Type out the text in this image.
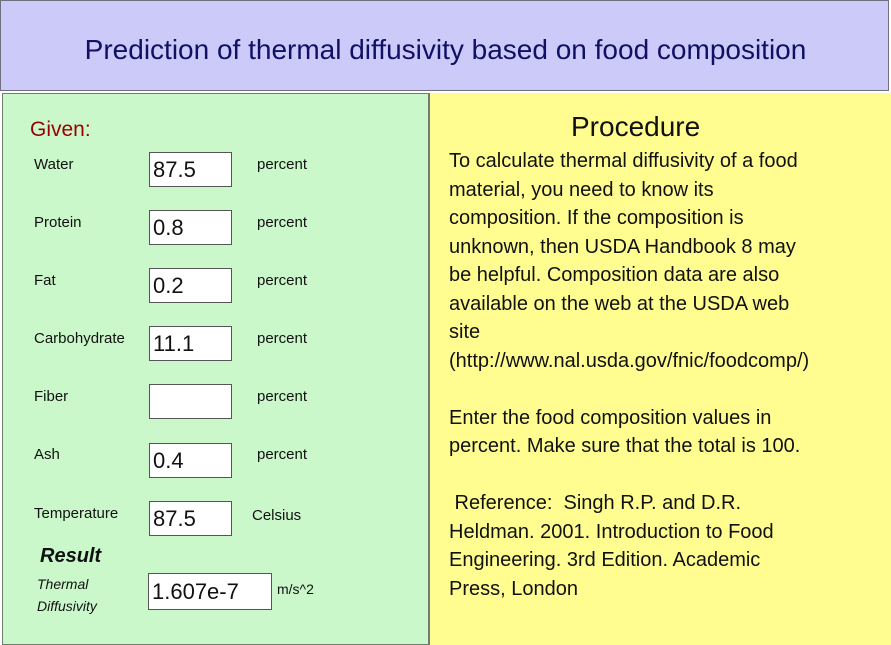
Prediction of thermal diffusivity based on food composition
Given:
Water	87.5	percent
Protein	0.8	percent
Fat	0.2	percent
Carbohydrate 11.1	percent
Fiber	percent
Ash	0.4	percent
Temperature 87.5	Celsius
Result
Thermal
Diffusivity
1.607e-7	m/s^2
Procedure

To calculate thermal diffusivity of a food

material, you need to know its

composition. If the composition is

unknown, then USDA Handbook 8 may

be helpful. Composition data are also

available on the web at the USDA web

site

(http://www.nal.usda.gov/fnic/foodcomp/)

Enter the food composition values in

percent. Make sure that the total is 100.

Reference:  Singh R.P. and D.R.

Heldman. 2001. Introduction to Food

Engineering. 3rd Edition. Academic

Press, London
